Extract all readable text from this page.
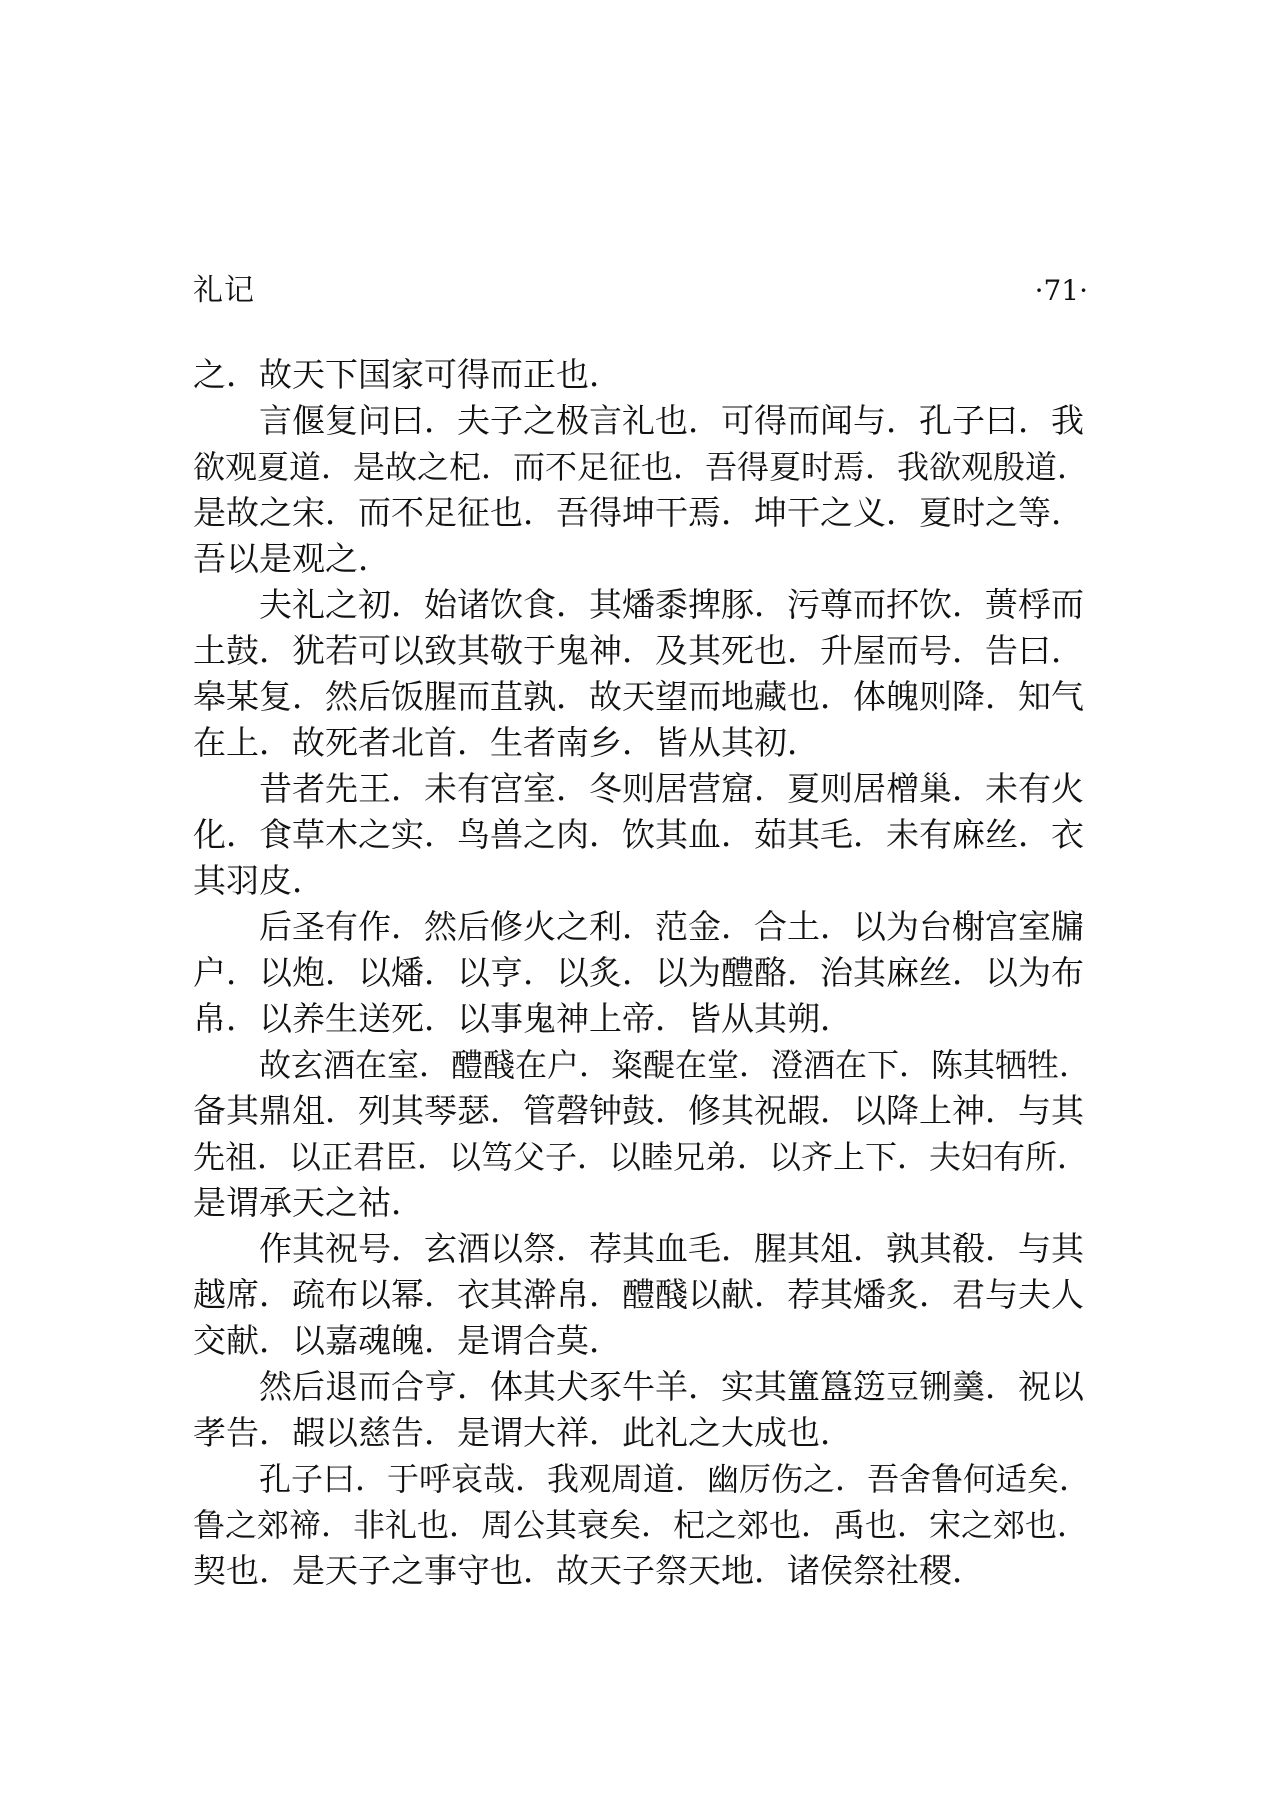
礼记	·71·
之．故天下国家可得而正也．
言偃复问曰．夫子之极言礼也．可得而闻与．孔子曰．我
欲观夏道．是故之杞．而不足征也．吾得夏时焉．我欲观殷道．
是故之宋．而不足征也．吾得坤干焉．坤干之义．夏时之等．
吾以是观之．
夫礼之初．始诸饮食．其燔黍捭豚．污尊而抔饮．蒉桴而
土鼓．犹若可以致其敬于鬼神．及其死也．升屋而号．告曰．
皋某复．然后饭腥而苴孰．故天望而地藏也．体魄则降．知气
在上．故死者北首．生者南乡．皆从其初．
昔者先王．未有宫室．冬则居营窟．夏则居橧巢．未有火
化．食草木之实．鸟兽之肉．饮其血．茹其毛．未有麻丝．衣
其羽皮．
后圣有作．然后修火之利．范金．合土．以为台榭宫室牖
户．以炮．以燔．以亨．以炙．以为醴酪．治其麻丝．以为布
帛．以养生送死．以事鬼神上帝．皆从其朔．
故玄酒在室．醴醆在户．粢醍在堂．澄酒在下．陈其牺牲．
备其鼎俎．列其琴瑟．管磬钟鼓．修其祝嘏．以降上神．与其
先祖．以正君臣．以笃父子．以睦兄弟．以齐上下．夫妇有所．
是谓承天之祜．
作其祝号．玄酒以祭．荐其血毛．腥其俎．孰其殽．与其
越席．疏布以幂．衣其澣帛．醴醆以献．荐其燔炙．君与夫人
交献．以嘉魂魄．是谓合莫．
然后退而合亨．体其犬豕牛羊．实其簠簋笾豆铏羹．祝以
孝告．嘏以慈告．是谓大祥．此礼之大成也．
孔子曰．于呼哀哉．我观周道．幽厉伤之．吾舍鲁何适矣．
鲁之郊禘．非礼也．周公其衰矣．杞之郊也．禹也．宋之郊也．
契也．是天子之事守也．故天子祭天地．诸侯祭社稷．
